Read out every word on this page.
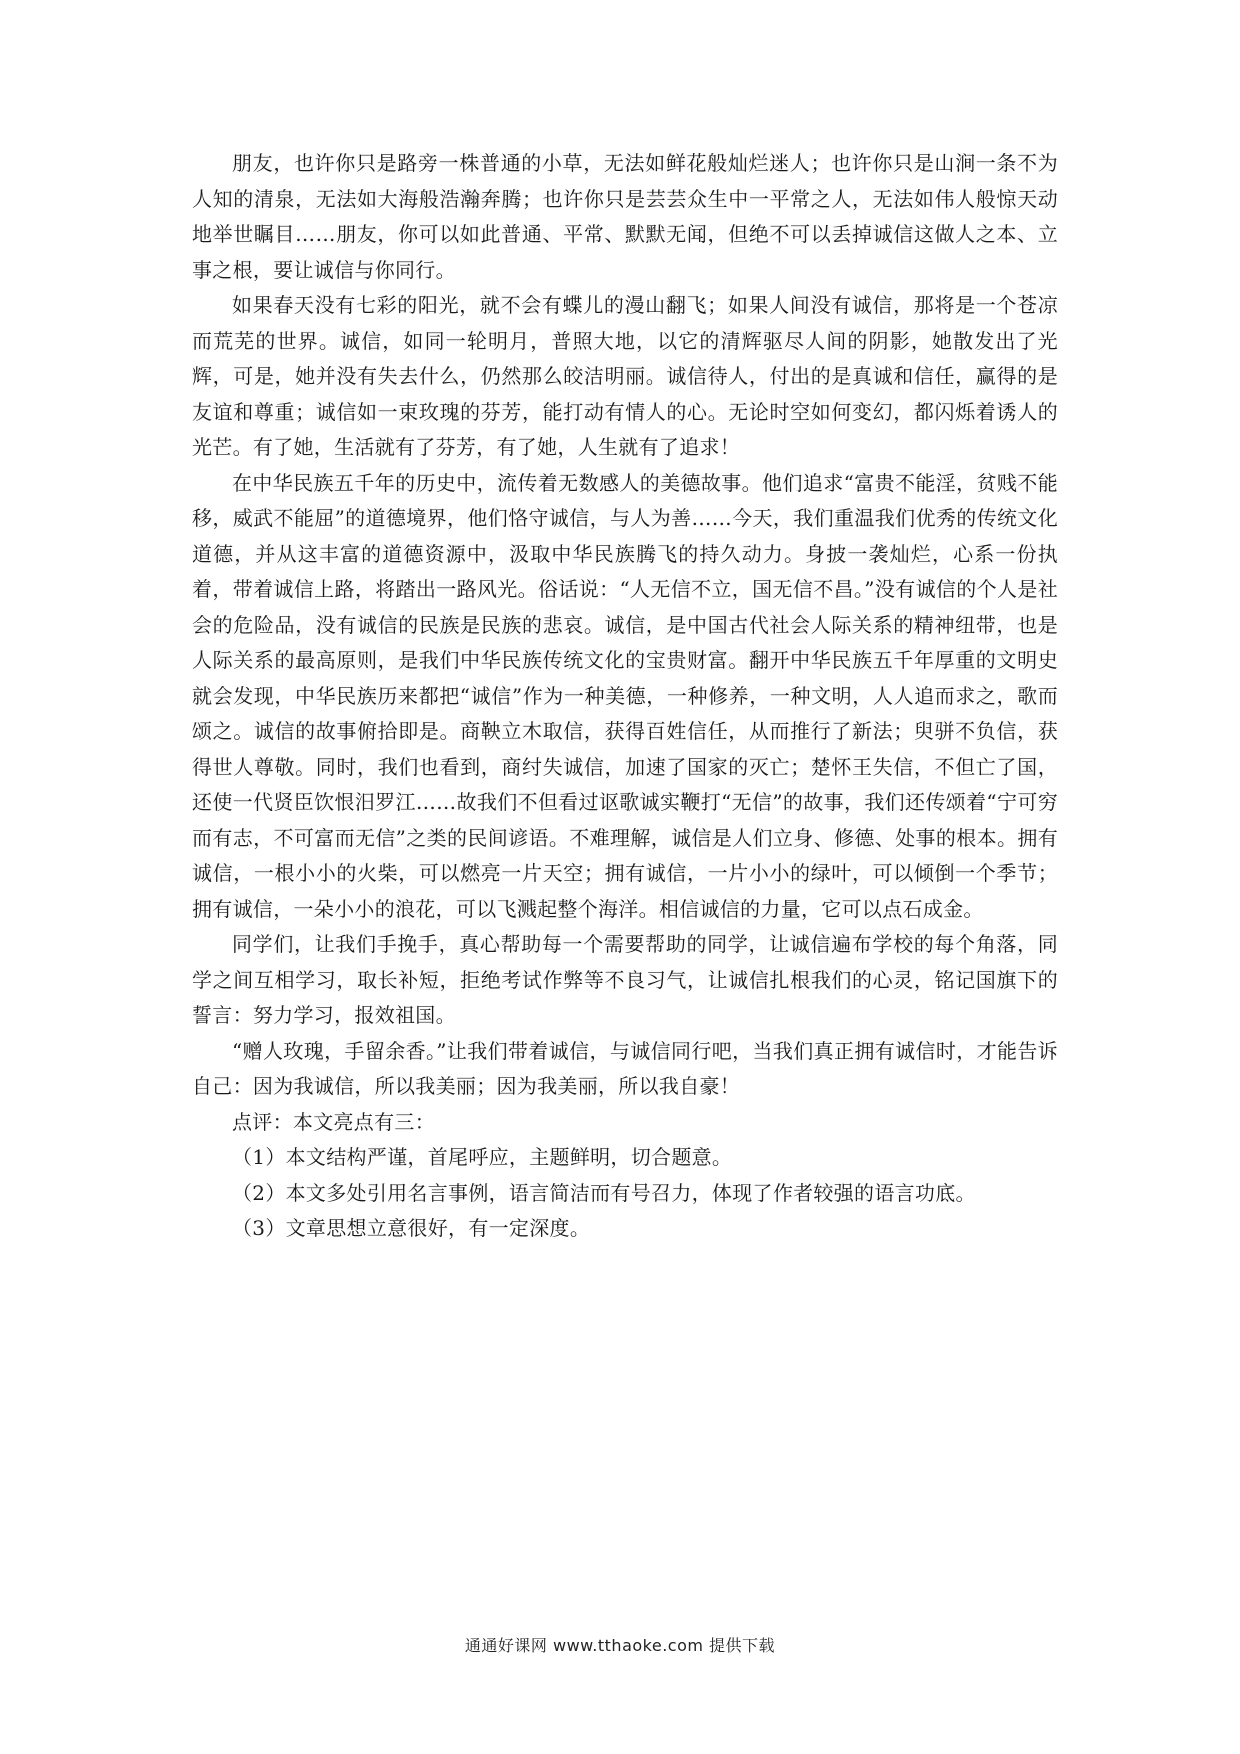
朋友，也许你只是路旁一株普通的小草，无法如鲜花般灿烂迷人；也许你只是山涧一条不为人知的清泉，无法如大海般浩瀚奔腾；也许你只是芸芸众生中一平常之人，无法如伟人般惊天动地举世瞩目……朋友，你可以如此普通、平常、默默无闻，但绝不可以丢掉诚信这做人之本、立事之根，要让诚信与你同行。

如果春天没有七彩的阳光，就不会有蝶儿的漫山翻飞；如果人间没有诚信，那将是一个苍凉而荒芜的世界。诚信，如同一轮明月，普照大地，以它的清辉驱尽人间的阴影，她散发出了光辉，可是，她并没有失去什么，仍然那么皎洁明丽。诚信待人，付出的是真诚和信任，赢得的是友谊和尊重；诚信如一束玫瑰的芬芳，能打动有情人的心。无论时空如何变幻，都闪烁着诱人的光芒。有了她，生活就有了芬芳，有了她，人生就有了追求！

在中华民族五千年的历史中，流传着无数感人的美德故事。他们追求“富贵不能淫，贫贱不能移，威武不能屈”的道德境界，他们恪守诚信，与人为善……今天，我们重温我们优秀的传统文化道德，并从这丰富的道德资源中，汲取中华民族腾飞的持久动力。身披一袭灿烂，心系一份执着，带着诚信上路，将踏出一路风光。俗话说：“人无信不立，国无信不昌。”没有诚信的个人是社会的危险品，没有诚信的民族是民族的悲哀。诚信，是中国古代社会人际关系的精神纽带，也是人际关系的最高原则，是我们中华民族传统文化的宝贵财富。翻开中华民族五千年厚重的文明史就会发现，中华民族历来都把“诚信”作为一种美德，一种修养，一种文明，人人追而求之，歌而颂之。诚信的故事俯拾即是。商鞅立木取信，获得百姓信任，从而推行了新法；臾骈不负信，获得世人尊敬。同时，我们也看到，商纣失诚信，加速了国家的灭亡；楚怀王失信，不但亡了国，还使一代贤臣饮恨汨罗江……故我们不但看过讴歌诚实鞭打“无信”的故事，我们还传颂着“宁可穷而有志，不可富而无信”之类的民间谚语。不难理解，诚信是人们立身、修德、处事的根本。拥有诚信，一根小小的火柴，可以燃亮一片天空；拥有诚信，一片小小的绿叶，可以倾倒一个季节；拥有诚信，一朵小小的浪花，可以飞溅起整个海洋。相信诚信的力量，它可以点石成金。

同学们，让我们手挽手，真心帮助每一个需要帮助的同学，让诚信遍布学校的每个角落，同学之间互相学习，取长补短，拒绝考试作弊等不良习气，让诚信扎根我们的心灵，铭记国旗下的誓言：努力学习，报效祖国。

“赠人玫瑰，手留余香。”让我们带着诚信，与诚信同行吧，当我们真正拥有诚信时，才能告诉自己：因为我诚信，所以我美丽；因为我美丽，所以我自豪！

点评：本文亮点有三：

（1）本文结构严谨，首尾呼应，主题鲜明，切合题意。

（2）本文多处引用名言事例，语言简洁而有号召力，体现了作者较强的语言功底。

（3）文章思想立意很好，有一定深度。

通通好课网 www.tthaoke.com 提供下载
